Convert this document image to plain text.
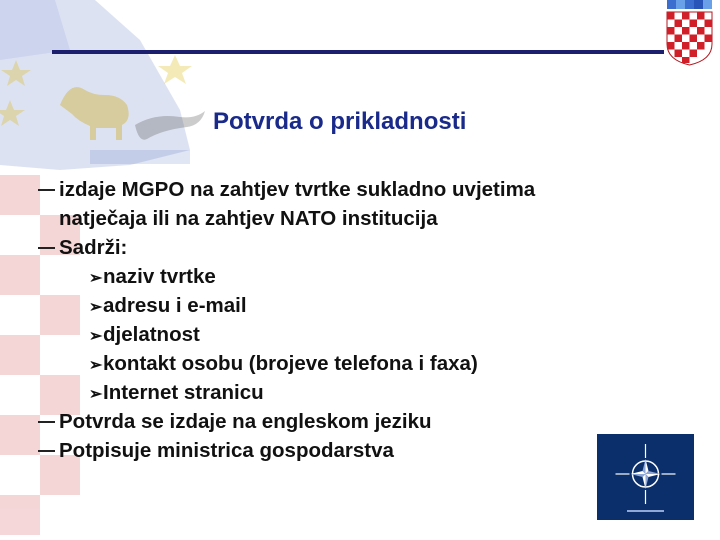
Potvrda o prikladnosti
izdaje MGPO na zahtjev tvrtke sukladno uvjetima
natječaja ili na zahtjev NATO institucija
Sadrži:
➢naziv tvrtke
➢adresu i e-mail
➢djelatnost
➢kontakt osobu (brojeve telefona i faxa)
➢Internet stranicu
Potvrda se izdaje na engleskom jeziku
Potpisuje ministrica gospodarstva
